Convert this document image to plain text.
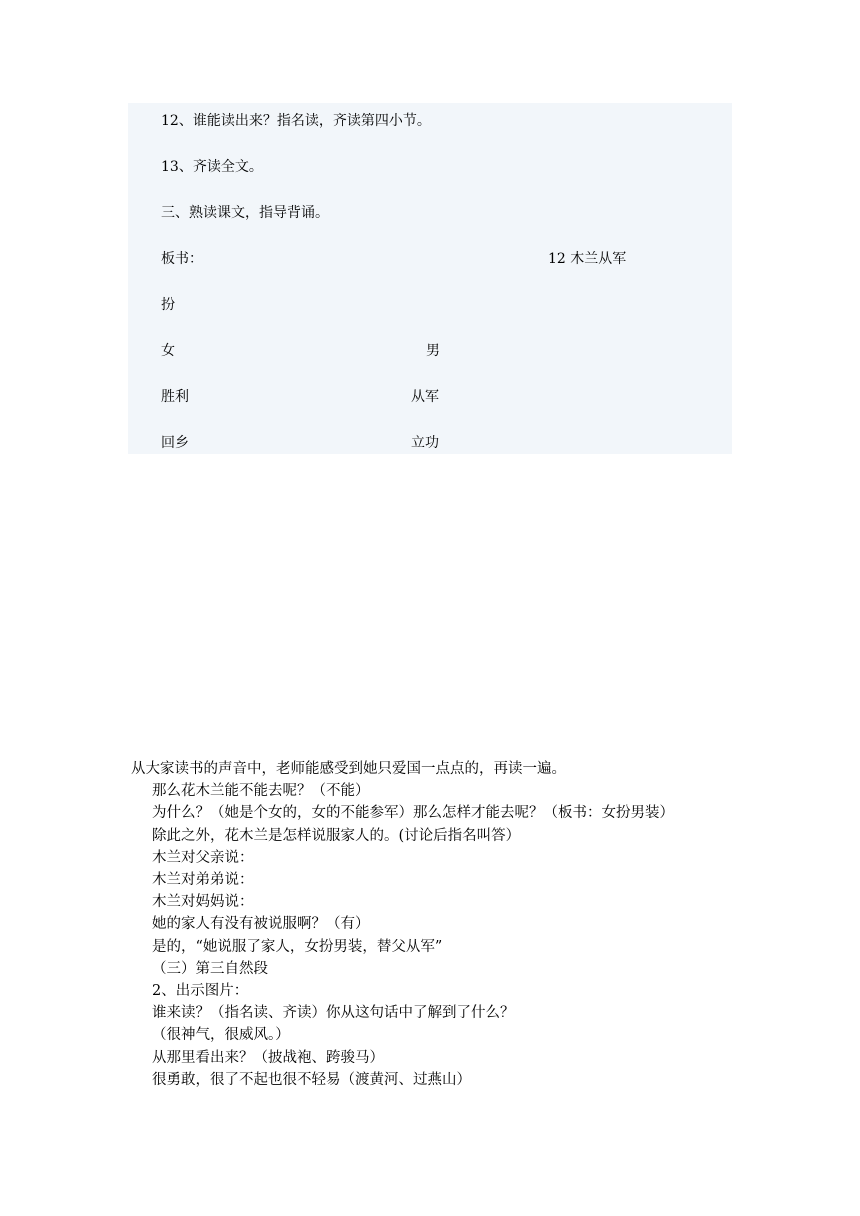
12、谁能读出来？指名读，齐读第四小节。
13、齐读全文。
三、熟读课文，指导背诵。
板书：	12 木兰从军
扮
女	男
胜利	从军
回乡	立功
从大家读书的声音中，老师能感受到她只爱国一点点的，再读一遍。
那么花木兰能不能去呢？（不能）
为什么？（她是个女的，女的不能参军）那么怎样才能去呢？（板书：女扮男装）
除此之外，花木兰是怎样说服家人的。(讨论后指名叫答）
木兰对父亲说：
木兰对弟弟说：
木兰对妈妈说：
她的家人有没有被说服啊？（有）
是的，“她说服了家人，女扮男装，替父从军”
（三）第三自然段
2、出示图片：
谁来读？（指名读、齐读）你从这句话中了解到了什么？
（很神气，很威风。）
从那里看出来？（披战袍、跨骏马）
很勇敢，很了不起也很不轻易（渡黄河、过燕山）
